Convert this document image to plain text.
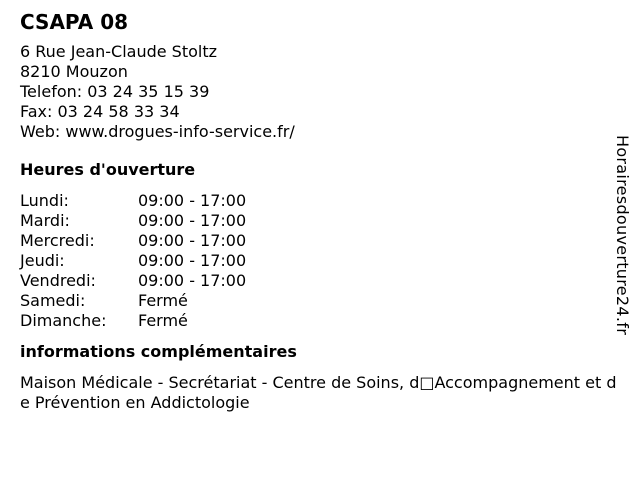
CSAPA 08
6 Rue Jean-Claude Stoltz
8210 Mouzon
Telefon: 03 24 35 15 39
Fax: 03 24 58 33 34
Web: www.drogues-info-service.fr/
Heures d'ouverture
Lundi:	09:00 - 17:00
Mardi:	09:00 - 17:00
Mercredi:	09:00 - 17:00
Jeudi:	09:00 - 17:00
Vendredi:	09:00 - 17:00
Samedi:	Fermé
Dimanche:	Fermé
informations complémentaires
Maison Médicale - Secrétariat - Centre de Soins, d□Accompagnement et de Prévention en Addictologie
Horairesdouverture24.fr
